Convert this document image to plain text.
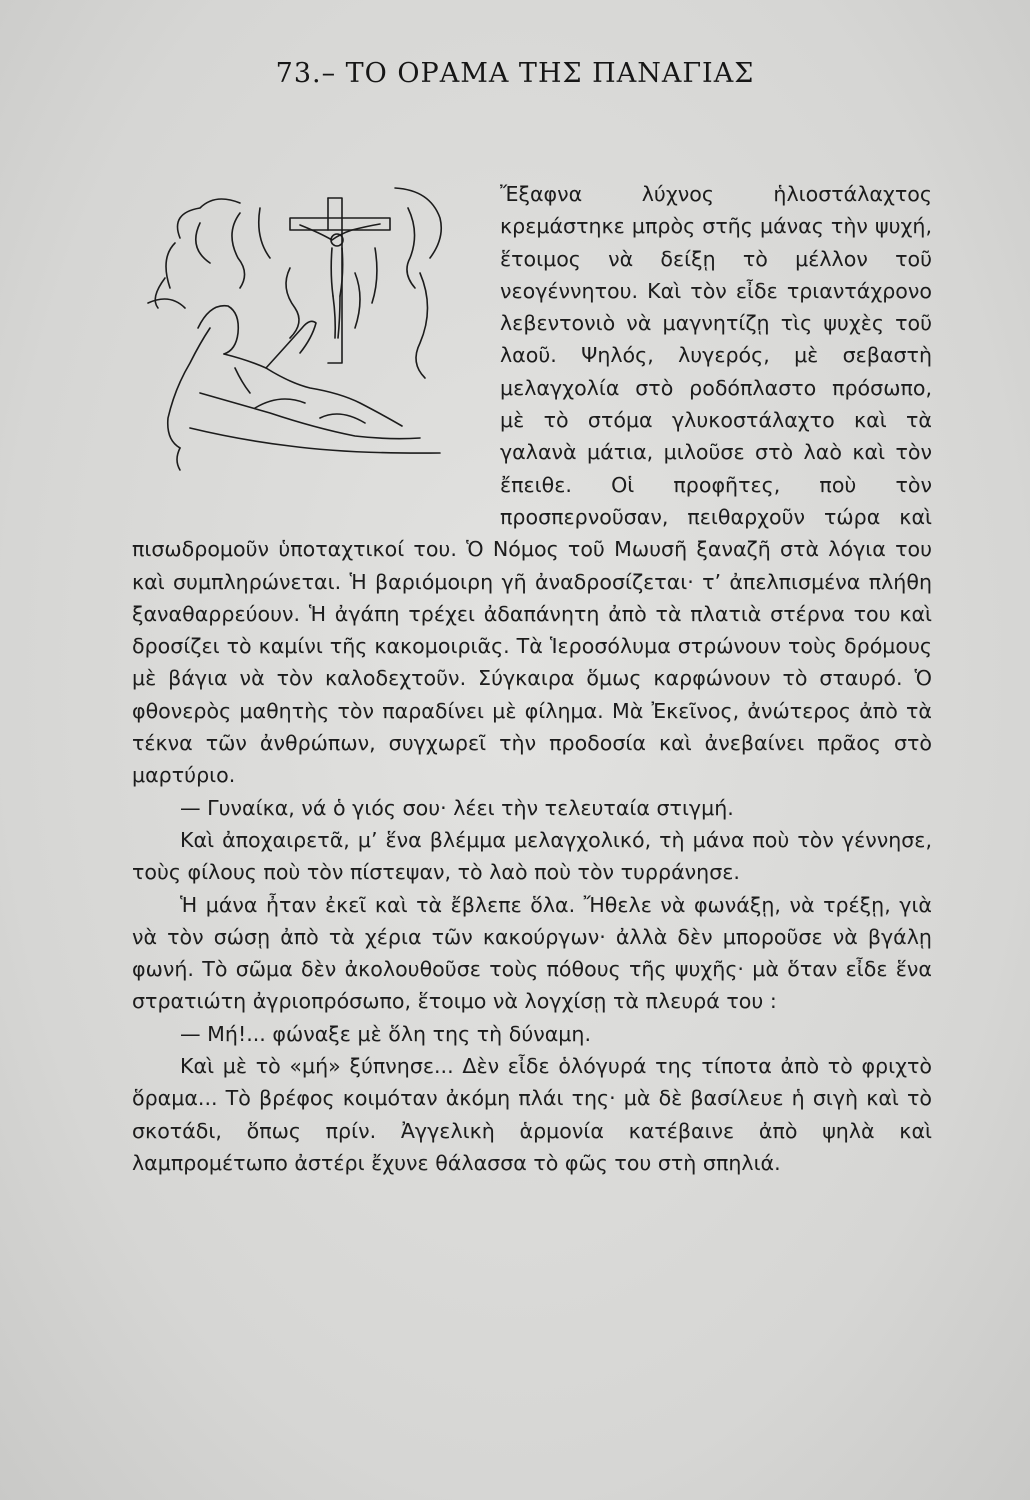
73.– ΤΟ ΟΡΑΜΑ ΤΗΣ ΠΑΝΑΓΙΑΣ

Ἔξαφνα λύχνος ἡλιοστάλαχτος κρεμάστηκε μπρὸς στῆς μάνας τὴν ψυχή, ἕτοιμος νὰ δείξῃ τὸ μέλλον τοῦ νεογέννητου. Καὶ τὸν εἶδε τριαντάχρονο λεβεντονιὸ νὰ μαγνητίζῃ τὶς ψυχὲς τοῦ λαοῦ. Ψηλός, λυγερός, μὲ σεβαστὴ μελαγχολία στὸ ροδόπλαστο πρόσωπο, μὲ τὸ στόμα γλυκοστάλαχτο καὶ τὰ γαλανὰ μάτια, μιλοῦσε στὸ λαὸ καὶ τὸν ἔπειθε. Οἱ προφῆτες, ποὺ τὸν προσπερνοῦσαν, πειθαρχοῦν τώρα καὶ πισωδρομοῦν ὑποταχτικοί του. Ὁ Νόμος τοῦ Μωυσῆ ξαναζῆ στὰ λόγια του καὶ συμπληρώνεται. Ἡ βαριόμοιρη γῆ ἀναδροσίζεται· τ’ ἀπελπισμένα πλήθη ξαναθαρρεύουν. Ἡ ἀγάπη τρέχει ἀδαπάνητη ἀπὸ τὰ πλατιὰ στέρνα του καὶ δροσίζει τὸ καμίνι τῆς κακομοιριᾶς. Τὰ Ἱεροσόλυμα στρώνουν τοὺς δρόμους μὲ βάγια νὰ τὸν καλοδεχτοῦν. Σύγκαιρα ὅμως καρφώνουν τὸ σταυρό. Ὁ φθονερὸς μαθητὴς τὸν παραδίνει μὲ φίλημα. Μὰ Ἐκεῖνος, ἀνώτερος ἀπὸ τὰ τέκνα τῶν ἀνθρώπων, συγχωρεῖ τὴν προδοσία καὶ ἀνεβαίνει πρᾶος στὸ μαρτύριο.

— Γυναίκα, νά ὁ γιός σου· λέει τὴν τελευταία στιγμή.

Καὶ ἀποχαιρετᾶ, μ’ ἕνα βλέμμα μελαγχολικό, τὴ μάνα ποὺ τὸν γέννησε, τοὺς φίλους ποὺ τὸν πίστεψαν, τὸ λαὸ ποὺ τὸν τυρράνησε.

Ἡ μάνα ἦταν ἐκεῖ καὶ τὰ ἔβλεπε ὅλα. Ἤθελε νὰ φωνάξῃ, νὰ τρέξῃ, γιὰ νὰ τὸν σώσῃ ἀπὸ τὰ χέρια τῶν κακούργων· ἀλλὰ δὲν μποροῦσε νὰ βγάλῃ φωνή. Τὸ σῶμα δὲν ἀκολουθοῦσε τοὺς πόθους τῆς ψυχῆς· μὰ ὅταν εἶδε ἕνα στρατιώτη ἀγριοπρόσωπο, ἕτοιμο νὰ λογχίσῃ τὰ πλευρά του :

— Μή!... φώναξε μὲ ὅλη της τὴ δύναμη.

Καὶ μὲ τὸ «μή» ξύπνησε... Δὲν εἶδε ὁλόγυρά της τίποτα ἀπὸ τὸ φριχτὸ ὅραμα... Τὸ βρέφος κοιμόταν ἀκόμη πλάι της· μὰ δὲ βασίλευε ἡ σιγὴ καὶ τὸ σκοτάδι, ὅπως πρίν. Ἀγγελικὴ ἁρμονία κατέβαινε ἀπὸ ψηλὰ καὶ λαμπρομέτωπο ἀστέρι ἔχυνε θάλασσα τὸ φῶς του στὴ σπηλιά.
